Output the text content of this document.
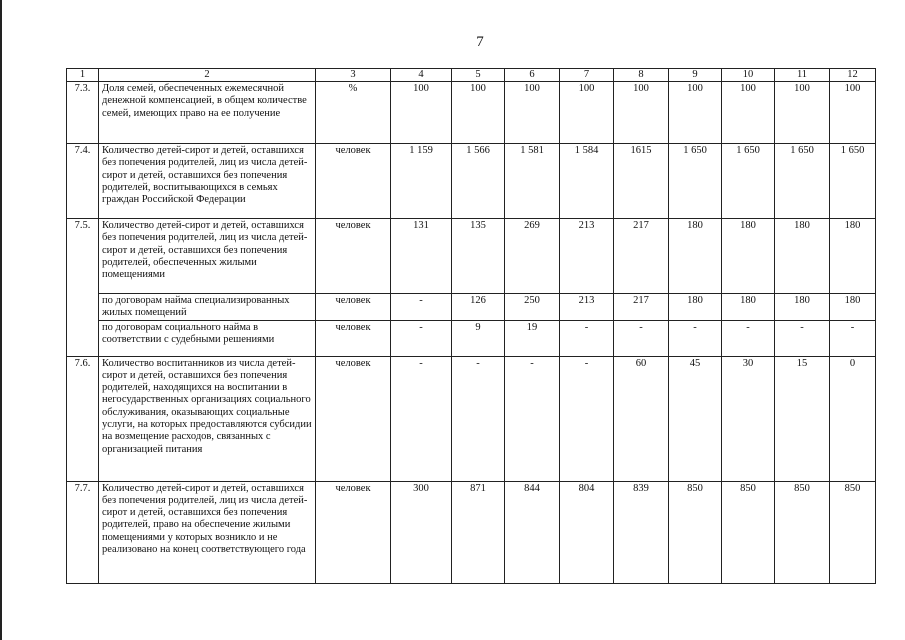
7
1	2	3	4	5	6	7	8	9	10	11	12
7.3.	Доля семей, обеспеченных ежемесячной денежной компенсацией, в общем количестве семей, имеющих право на ее получение	%	100	100	100	100	100	100	100	100	100
7.4.	Количество детей-сирот и детей, оставшихся без попечения родителей, лиц из числа детей-сирот и детей, оставшихся без попечения родителей, воспитывающихся в семьях граждан Российской Федерации	человек	1 159	1 566	1 581	1 584	1615	1 650	1 650	1 650	1 650
7.5.	Количество детей-сирот и детей, оставшихся без попечения родителей, лиц из числа детей-сирот и детей, оставшихся без попечения родителей, обеспеченных жилыми помещениями	человек	131	135	269	213	217	180	180	180	180
	по договорам найма специализированных жилых помещений	человек	-	126	250	213	217	180	180	180	180
	по договорам социального найма в соответствии с судебными решениями	человек	-	9	19	-	-	-	-	-	-
7.6.	Количество воспитанников из числа детей-сирот и детей, оставшихся без попечения родителей, находящихся на воспитании в негосударственных организациях социального обслуживания, оказывающих социальные услуги, на которых предоставляются субсидии на возмещение расходов, связанных с организацией питания	человек	-	-	-	-	60	45	30	15	0
7.7.	Количество детей-сирот и детей, оставшихся без попечения родителей, лиц из числа детей-сирот и детей, оставшихся без попечения родителей, право на обеспечение жилыми помещениями у которых возникло и не реализовано на конец соответствующего года	человек	300	871	844	804	839	850	850	850	850
